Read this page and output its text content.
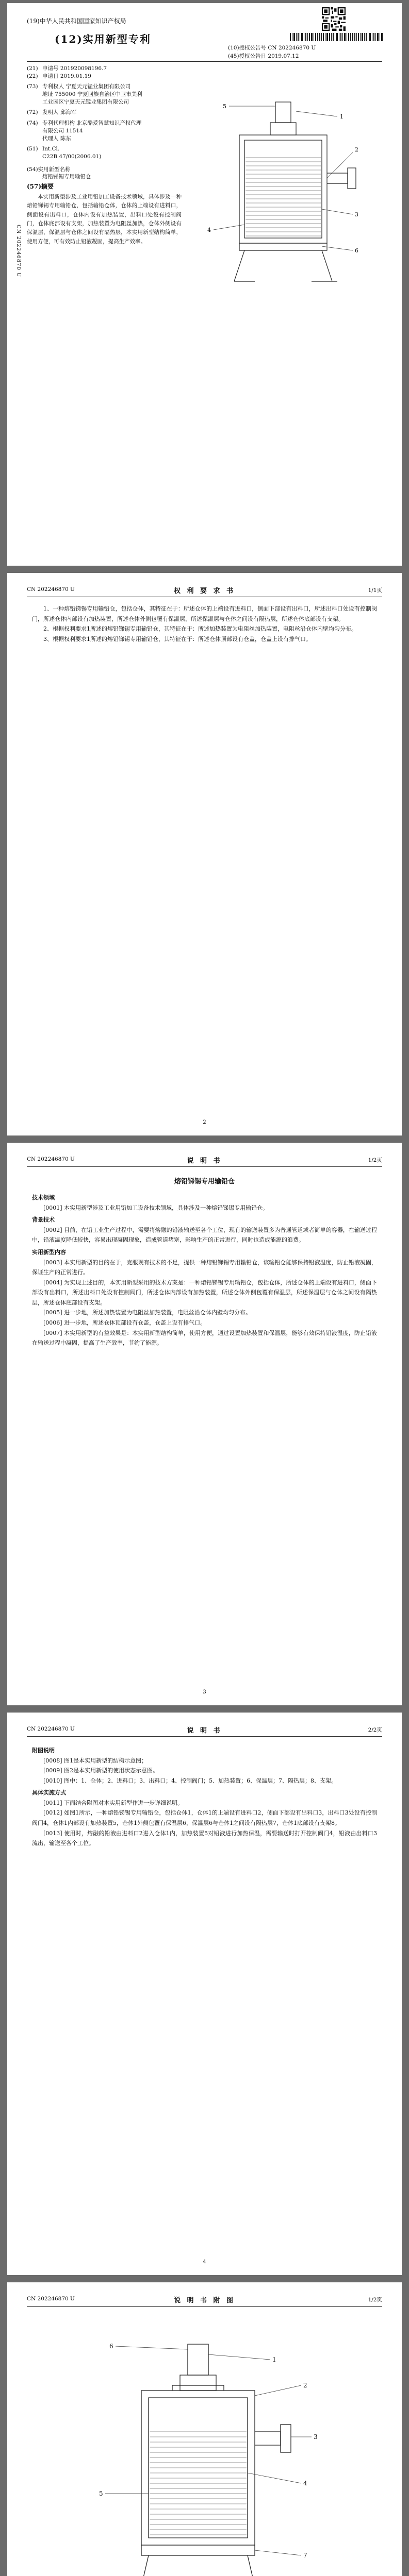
(19)中华人民共和国国家知识产权局
(12)实用新型专利
(10)授权公告号 CN 202246870 U
(45)授权公告日 2019.07.12
(21) 申请号 201920098196.7
(22) 申请日 2019.01.19
(73) 专利权人 宁夏天元锰业集团有限公司
地址 755000 宁夏回族自治区中卫市美利
工业园区宁夏天元锰业集团有限公司
(72) 发明人 邱海军
(74) 专利代理机构 北京酷爱智慧知识产权代理
有限公司 11514
代理人 陈东
(51) Int.Cl.
C22B 47/00(2006.01)
(54)实用新型名称
熔铅锑锡专用输铅仓
(57)摘要
本实用新型涉及工业用铅加工设备技术领域，具体涉及一种熔铅锑锡专用输铅仓，包括输铅仓体，仓体的上端设有进料口，侧面设有出料口，仓体内设有加热装置，出料口处设有控制阀门，仓体底部设有支架，加热装置为电阻丝加热，仓体外侧设有保温层，保温层与仓体之间设有隔热层，本实用新型结构简单，使用方便，可有效防止铅液凝固，提高生产效率。
CN 202246870 U
1
2
3
4
5
6
CN 202246870 U	权 利 要 求 书	1/1页

1、一种熔铅锑锡专用输铅仓，包括仓体，其特征在于：所述仓体的上端设有进料口，侧面下部设有出料口，所述出料口处设有控制阀门，所述仓体内部设有加热装置，所述仓体外侧包覆有保温层，所述保温层与仓体之间设有隔热层，所述仓体底部设有支架。

2、根据权利要求1所述的熔铅锑锡专用输铅仓，其特征在于：所述加热装置为电阻丝加热装置，电阻丝沿仓体内壁均匀分布。

3、根据权利要求1所述的熔铅锑锡专用输铅仓，其特征在于：所述仓体顶部设有仓盖，仓盖上设有排气口。

2
CN 202246870 U	说 明 书	1/2页

熔铅锑锡专用输铅仓

技术领域

[0001] 本实用新型涉及工业用铅加工设备技术领域，具体涉及一种熔铅锑锡专用输铅仓。

背景技术

[0002] 目前，在铅工业生产过程中，需要将熔融的铅液输送至各个工位，现有的输送装置多为普通管道或者简单的容器，在输送过程中，铅液温度降低较快，容易出现凝固现象，造成管道堵塞，影响生产的正常进行，同时也造成能源的浪费。

实用新型内容

[0003] 本实用新型的目的在于，克服现有技术的不足，提供一种熔铅锑锡专用输铅仓，该输铅仓能够保持铅液温度，防止铅液凝固，保证生产的正常进行。

[0004] 为实现上述目的，本实用新型采用的技术方案是：一种熔铅锑锡专用输铅仓，包括仓体，所述仓体的上端设有进料口，侧面下部设有出料口，所述出料口处设有控制阀门，所述仓体内部设有加热装置，所述仓体外侧包覆有保温层，所述保温层与仓体之间设有隔热层，所述仓体底部设有支架。

[0005] 进一步地，所述加热装置为电阻丝加热装置，电阻丝沿仓体内壁均匀分布。

[0006] 进一步地，所述仓体顶部设有仓盖，仓盖上设有排气口。

[0007] 本实用新型的有益效果是：本实用新型结构简单，使用方便，通过设置加热装置和保温层，能够有效保持铅液温度，防止铅液在输送过程中凝固，提高了生产效率，节约了能源。

3
CN 202246870 U	说 明 书	2/2页

附图说明

[0008] 图1是本实用新型的结构示意图；

[0009] 图2是本实用新型的使用状态示意图。

[0010] 图中：1、仓体；2、进料口；3、出料口；4、控制阀门；5、加热装置；6、保温层；7、隔热层；8、支架。

具体实施方式

[0011] 下面结合附图对本实用新型作进一步详细说明。

[0012] 如图1所示，一种熔铅锑锡专用输铅仓，包括仓体1，仓体1的上端设有进料口2，侧面下部设有出料口3，出料口3处设有控制阀门4，仓体1内部设有加热装置5，仓体1外侧包覆有保温层6，保温层6与仓体1之间设有隔热层7，仓体1底部设有支架8。

[0013] 使用时，熔融的铅液由进料口2进入仓体1内，加热装置5对铅液进行加热保温，需要输送时打开控制阀门4，铅液由出料口3流出，输送至各个工位。

4
CN 202246870 U	说 明 书 附 图	1/2页
1
2
3
4
5
6
7
